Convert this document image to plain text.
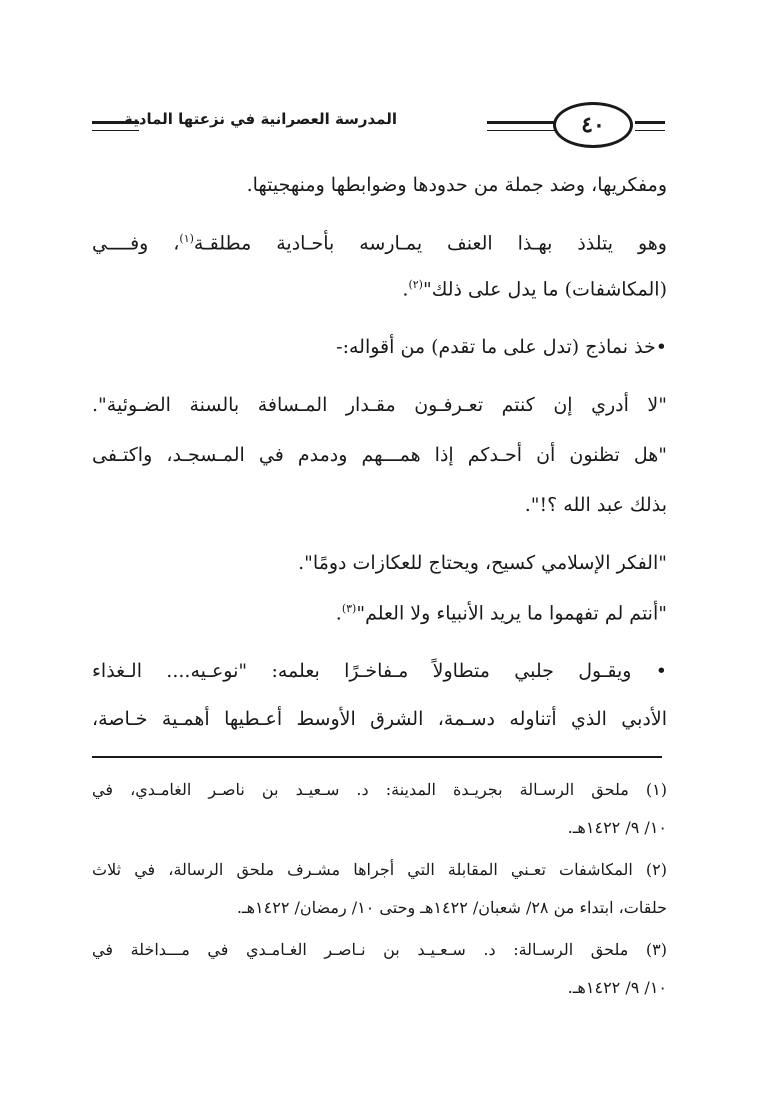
المدرسة العصرانية في نزعتها المادية	٤٠
ومفكريها، وضد جملة من حدودها وضوابطها ومنهجيتها.
وهو يتلذذ بهـذا العنف يمـارسه بأحـادية مطلقـة$^{(١)}$، وفــــي
(المكاشفات) ما يدل على ذلك"$^{(٢)}$.
•خذ نماذج (تدل على ما تقدم) من أقواله:-
"لا أدري إن كنتم تعـرفـون مقـدار المـسافة بالسنة الضـوئية".
"هل تظنون أن أحـدكم إذا همـــهم ودمدم في المـسجـد، واكتـفى
بذلك عبد الله ؟!".
"الفكر الإسلامي كسيح، ويحتاج للعكازات دومًا".
"أنتم لم تفهموا ما يريد الأنبياء ولا العلم"$^{(٣)}$.
• ويقـول جلبي متطاولاً مـفاخـرًا بعلمه: "نوعـيه.... الـغذاء
الأدبي الذي أتناوله دسـمة، الشرق الأوسط أعـطيها أهمـية خـاصة،
(١) ملحق الرسـالة بجريـدة المدينة: د. سـعيـد بن ناصـر الغامـدي، في
١٠/ ٩/ ١٤٢٢هـ.
(٢) المكاشفات تعـني المقابلة التي أجراها مشـرف ملحق الرسالة، في ثلاث
حلقات، ابتداء من ٢٨/ شعبان/ ١٤٢٢هـ وحتى ١٠/ رمضان/ ١٤٢٢هـ.
(٣) ملحق الرسـالة: د. سـعـيـد بن نـاصـر الغـامـدي في مـــداخلة في
١٠/ ٩/ ١٤٢٢هـ.
